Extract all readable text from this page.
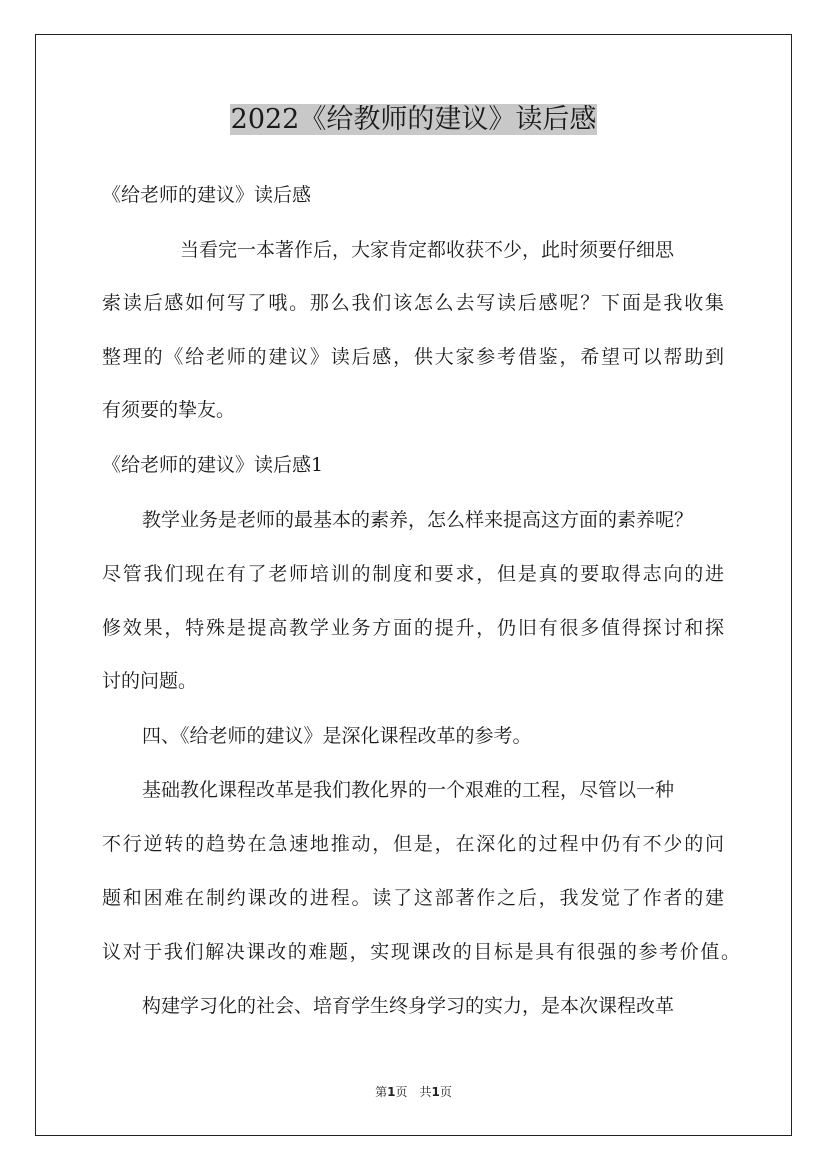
2022《给教师的建议》读后感
《给老师的建议》读后感
当看完一本著作后，大家肯定都收获不少，此时须要仔细思
索读后感如何写了哦。那么我们该怎么去写读后感呢？下面是我收集
整理的《给老师的建议》读后感，供大家参考借鉴，希望可以帮助到
有须要的挚友。
《给老师的建议》读后感1
教学业务是老师的最基本的素养，怎么样来提高这方面的素养呢？
尽管我们现在有了老师培训的制度和要求，但是真的要取得志向的进
修效果，特殊是提高教学业务方面的提升，仍旧有很多值得探讨和探
讨的问题。
四、《给老师的建议》是深化课程改革的参考。
基础教化课程改革是我们教化界的一个艰难的工程，尽管以一种
不行逆转的趋势在急速地推动，但是，在深化的过程中仍有不少的问
题和困难在制约课改的进程。读了这部著作之后，我发觉了作者的建
议对于我们解决课改的难题，实现课改的目标是具有很强的参考价值。
构建学习化的社会、培育学生终身学习的实力，是本次课程改革
第1页　共1页
